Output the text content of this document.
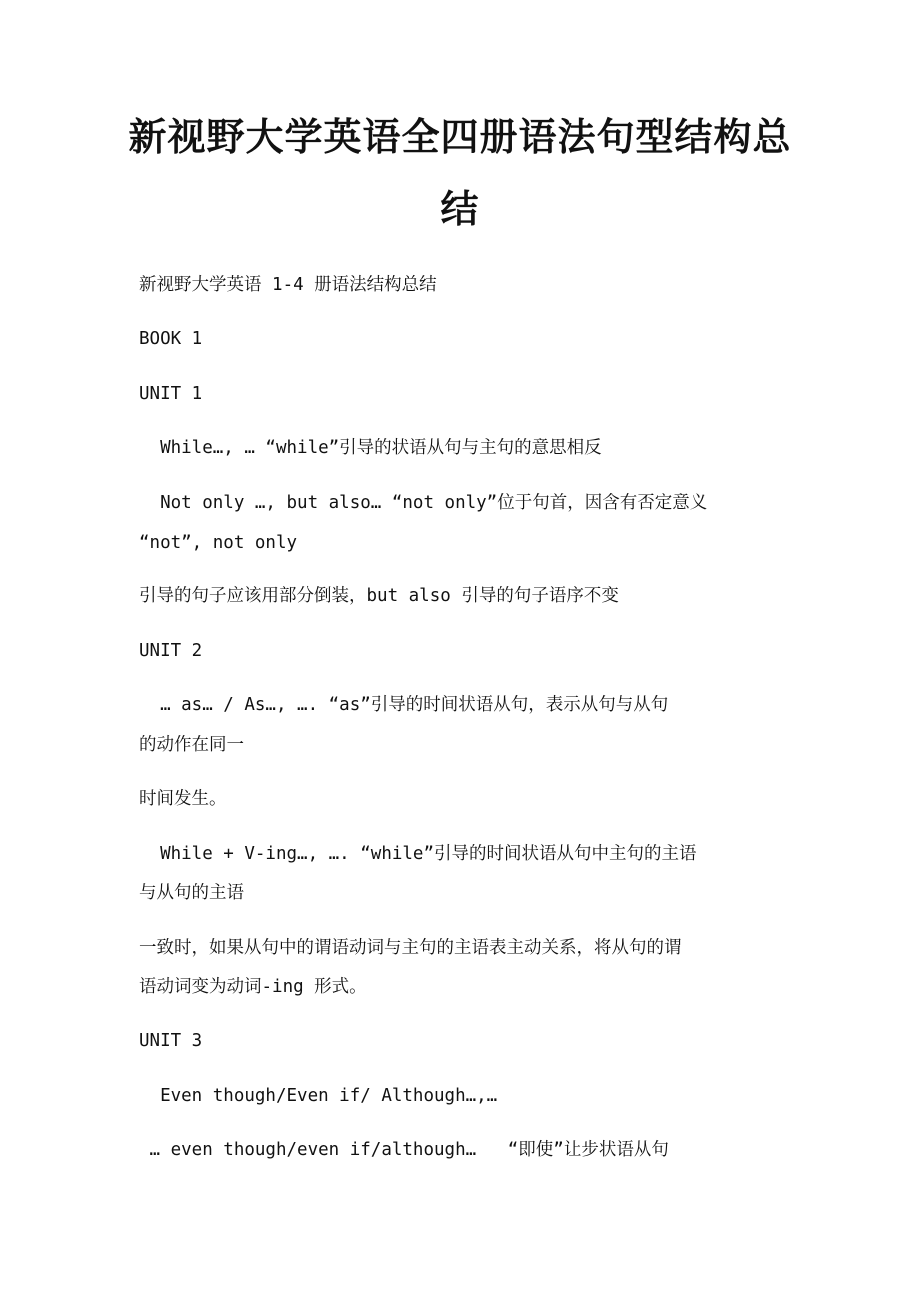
新视野大学英语全四册语法句型结构总
结

新视野大学英语 1-4 册语法结构总结

BOOK 1

UNIT 1

While…, … “while”引导的状语从句与主句的意思相反

Not only …, but also… “not only”位于句首，因含有否定意义

“not”, not only

引导的句子应该用部分倒装，but also 引导的句子语序不变

UNIT 2

… as… / As…, …. “as”引导的时间状语从句，表示从句与从句

的动作在同一

时间发生。

While + V-ing…, …. “while”引导的时间状语从句中主句的主语

与从句的主语

一致时，如果从句中的谓语动词与主句的主语表主动关系，将从句的谓

语动词变为动词-ing 形式。

UNIT 3

Even though/Even if/ Although…,…

… even though/even if/although…   “即使”让步状语从句
